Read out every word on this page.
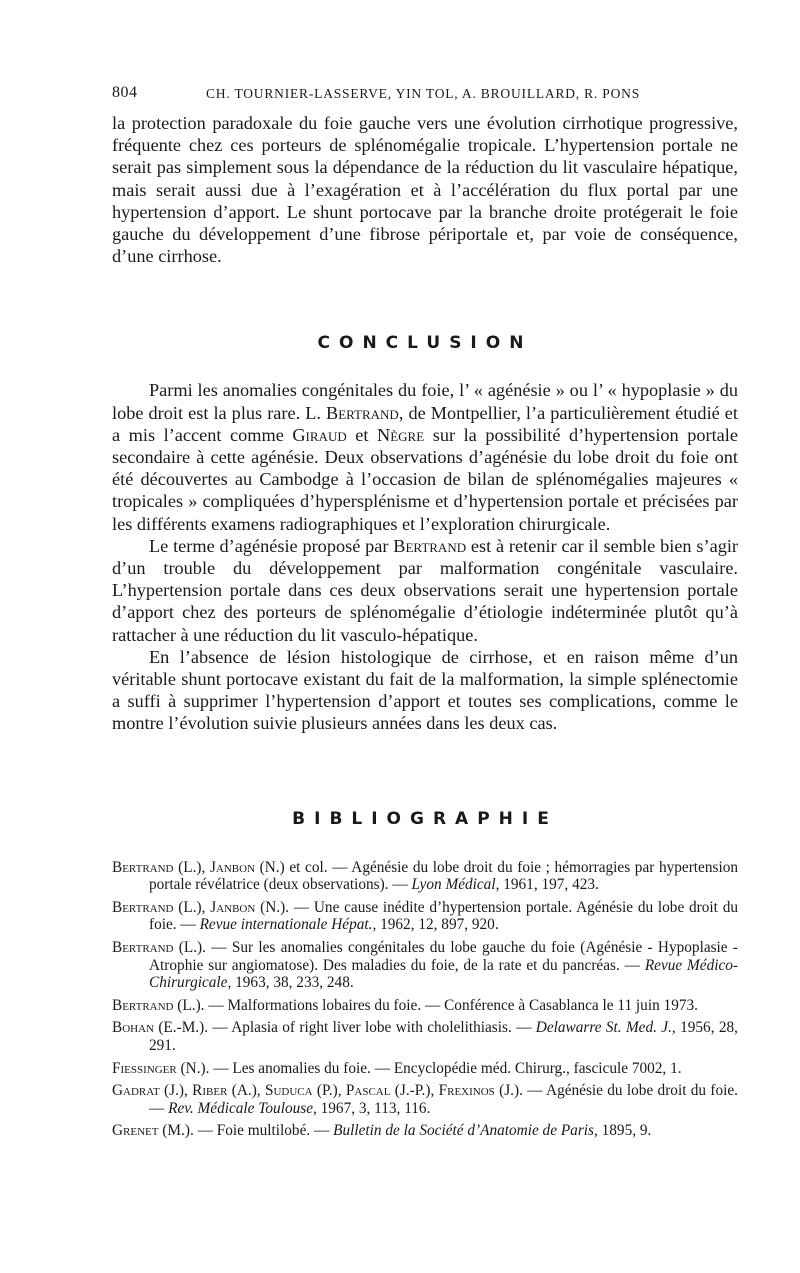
804	CH. TOURNIER-LASSERVE, YIN TOL, A. BROUILLARD, R. PONS

la protection paradoxale du foie gauche vers une évolution cirrhotique progressive, fréquente chez ces porteurs de splénomégalie tropicale. L’hypertension portale ne serait pas simplement sous la dépendance de la réduction du lit vasculaire hépatique, mais serait aussi due à l’exagération et à l’accélération du flux portal par une hypertension d’apport. Le shunt portocave par la branche droite protégerait le foie gauche du développement d’une fibrose périportale et, par voie de conséquence, d’une cirrhose.

CONCLUSION

Parmi les anomalies congénitales du foie, l’ « agénésie » ou l’ « hypoplasie » du lobe droit est la plus rare. L. Bertrand, de Montpellier, l’a particulièrement étudié et a mis l’accent comme Giraud et Nègre sur la possibilité d’hypertension portale secondaire à cette agénésie. Deux observations d’agénésie du lobe droit du foie ont été découvertes au Cambodge à l’occasion de bilan de splénomégalies majeures « tropicales » compliquées d’hypersplénisme et d’hypertension portale et précisées par les différents examens radiographiques et l’exploration chirurgicale.

Le terme d’agénésie proposé par Bertrand est à retenir car il semble bien s’agir d’un trouble du développement par malformation congénitale vasculaire. L’hypertension portale dans ces deux observations serait une hypertension portale d’apport chez des porteurs de splénomégalie d’étiologie indéterminée plutôt qu’à rattacher à une réduction du lit vasculo-hépatique.

En l’absence de lésion histologique de cirrhose, et en raison même d’un véritable shunt portocave existant du fait de la malformation, la simple splénectomie a suffi à supprimer l’hypertension d’apport et toutes ses complications, comme le montre l’évolution suivie plusieurs années dans les deux cas.

BIBLIOGRAPHIE
Bertrand (L.), Janbon (N.) et col. — Agénésie du lobe droit du foie ; hémorragies par hypertension portale révélatrice (deux observations). — Lyon Médical, 1961, 197, 423.
Bertrand (L.), Janbon (N.). — Une cause inédite d’hypertension portale. Agénésie du lobe droit du foie. — Revue internationale Hépat., 1962, 12, 897, 920.
Bertrand (L.). — Sur les anomalies congénitales du lobe gauche du foie (Agénésie - Hypoplasie - Atrophie sur angiomatose). Des maladies du foie, de la rate et du pancréas. — Revue Médico-Chirurgicale, 1963, 38, 233, 248.
Bertrand (L.). — Malformations lobaires du foie. — Conférence à Casablanca le 11 juin 1973.
Bohan (E.-M.). — Aplasia of right liver lobe with cholelithiasis. — Delawarre St. Med. J., 1956, 28, 291.
Fiessinger (N.). — Les anomalies du foie. — Encyclopédie méd. Chirurg., fascicule 7002, 1.
Gadrat (J.), Riber (A.), Suduca (P.), Pascal (J.-P.), Frexinos (J.). — Agénésie du lobe droit du foie. — Rev. Médicale Toulouse, 1967, 3, 113, 116.
Grenet (M.). — Foie multilobé. — Bulletin de la Société d’Anatomie de Paris, 1895, 9.
